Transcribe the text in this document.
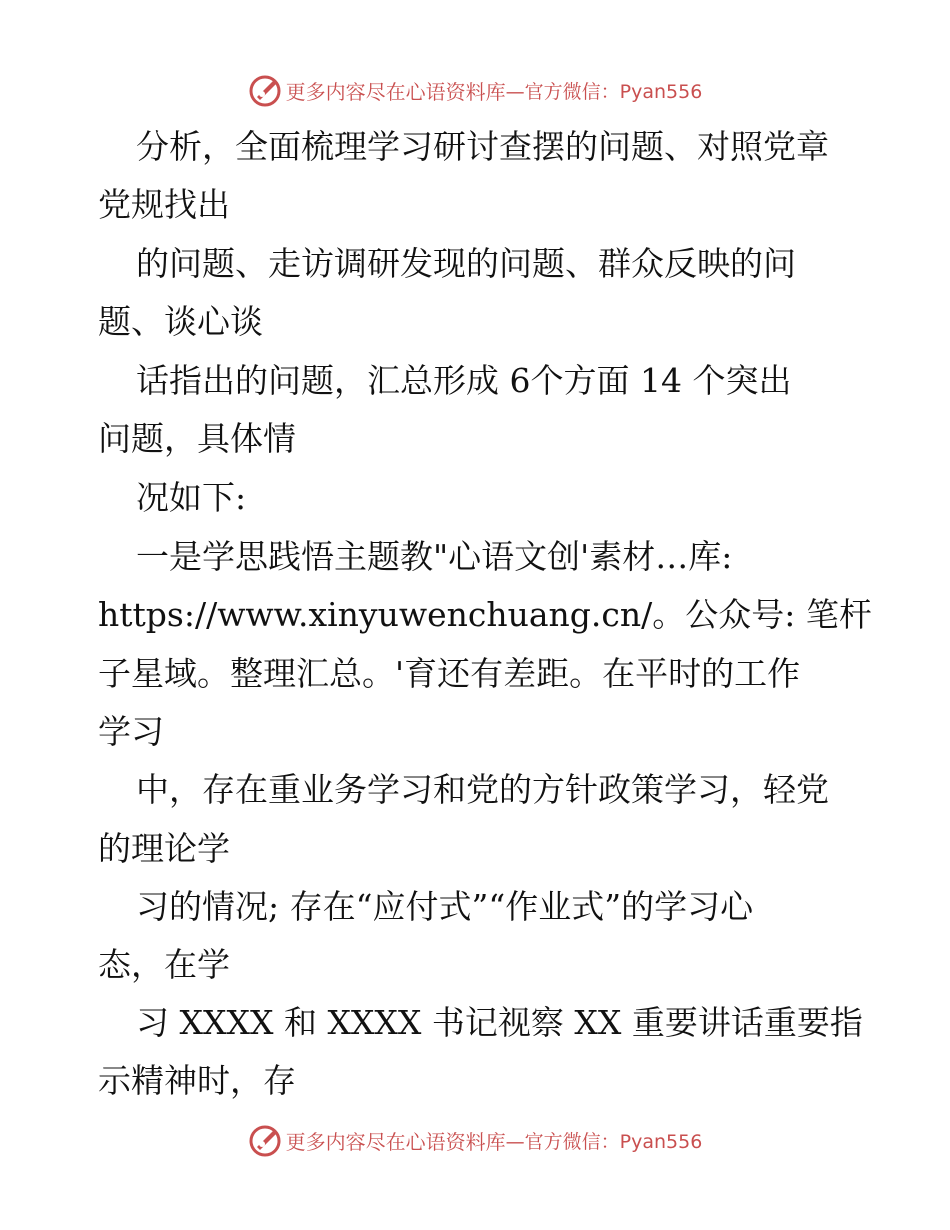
更多内容尽在心语资料库 —官方微信：Pyan556

分析，全面梳理学习研讨查摆的问题、对照党章

党规找出

的问题、走访调研发现的问题、群众反映的问

题、谈心谈

话指出的问题，汇总形成 6个方面 14 个突出

问题，具体情

况如下:

一是学思践悟主题教"心语文创'素材…库:

https://www.xinyuwenchuang.cn/。公众号: 笔杆

子星域。整理汇总。'育还有差距。在平时的工作

学习

中，存在重业务学习和党的方针政策学习，轻党

的理论学

习的情况; 存在“应付式”“作业式”的学习心

态，在学

习 XXXX 和 XXXX 书记视察 XX 重要讲话重要指

示精神时，存

更多内容尽在心语资料库 —官方微信：Pyan556
